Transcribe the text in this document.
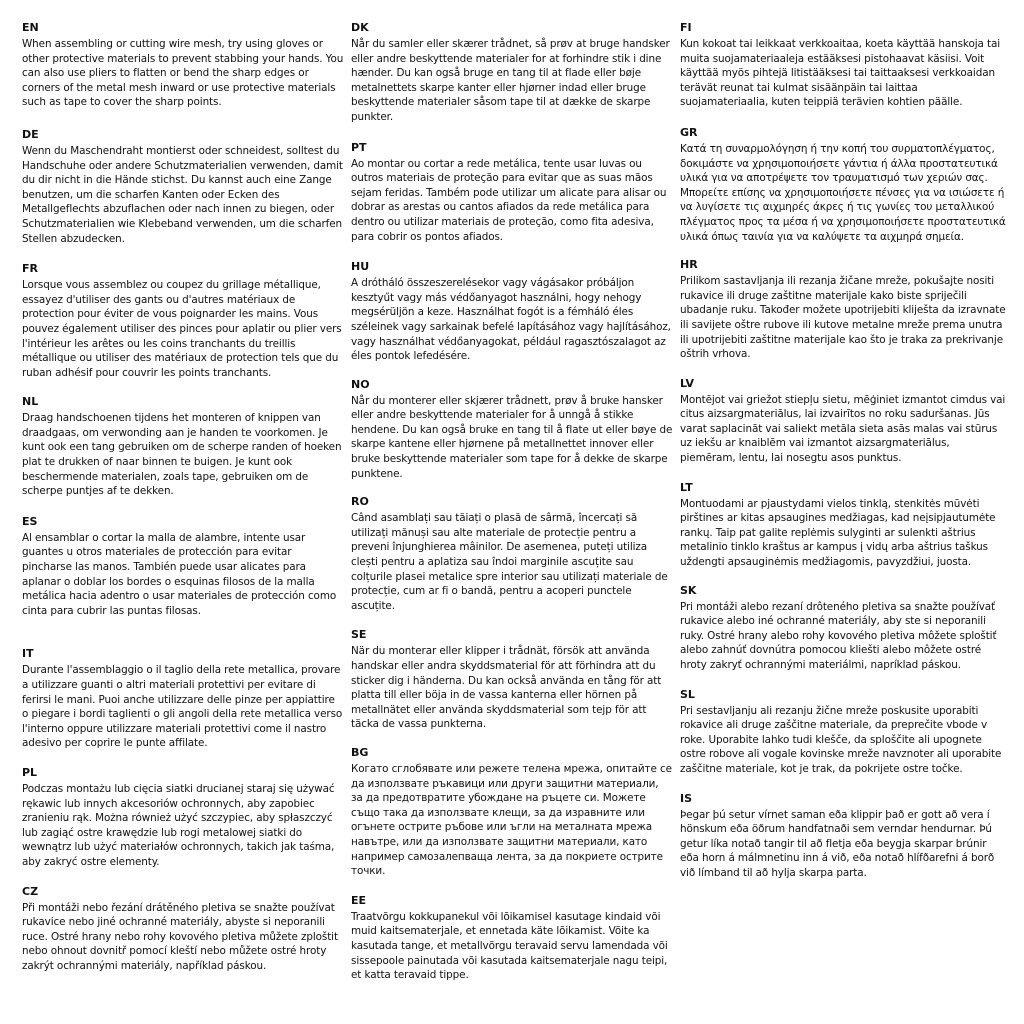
EN

When assembling or cutting wire mesh, try using gloves or other protective materials to prevent stabbing your hands. You can also use pliers to flatten or bend the sharp edges or corners of the metal mesh inward or use protective materials such as tape to cover the sharp points.

DE

Wenn du Maschendraht montierst oder schneidest, solltest du Handschuhe oder andere Schutzmaterialien verwenden, damit du dir nicht in die Hände stichst. Du kannst auch eine Zange benutzen, um die scharfen Kanten oder Ecken des Metallgeflechts abzuflachen oder nach innen zu biegen, oder Schutzmaterialien wie Klebeband verwenden, um die scharfen Stellen abzudecken.

FR

Lorsque vous assemblez ou coupez du grillage métallique, essayez d'utiliser des gants ou d'autres matériaux de protection pour éviter de vous poignarder les mains. Vous pouvez également utiliser des pinces pour aplatir ou plier vers l'intérieur les arêtes ou les coins tranchants du treillis métallique ou utiliser des matériaux de protection tels que du ruban adhésif pour couvrir les points tranchants.

NL

Draag handschoenen tijdens het monteren of knippen van draadgaas, om verwonding aan je handen te voorkomen. Je kunt ook een tang gebruiken om de scherpe randen of hoeken plat te drukken of naar binnen te buigen. Je kunt ook beschermende materialen, zoals tape, gebruiken om de scherpe puntjes af te dekken.

ES

Al ensamblar o cortar la malla de alambre, intente usar guantes u otros materiales de protección para evitar pincharse las manos. También puede usar alicates para aplanar o doblar los bordes o esquinas filosos de la malla metálica hacia adentro o usar materiales de protección como cinta para cubrir las puntas filosas.

IT

Durante l'assemblaggio o il taglio della rete metallica, provare a utilizzare guanti o altri materiali protettivi per evitare di ferirsi le mani. Puoi anche utilizzare delle pinze per appiattire o piegare i bordi taglienti o gli angoli della rete metallica verso l'interno oppure utilizzare materiali protettivi come il nastro adesivo per coprire le punte affilate.

PL

Podczas montażu lub cięcia siatki drucianej staraj się używać rękawic lub innych akcesoriów ochronnych, aby zapobiec zranieniu rąk. Można również użyć szczypiec, aby spłaszczyć lub zagiąć ostre krawędzie lub rogi metalowej siatki do wewnątrz lub użyć materiałów ochronnych, takich jak taśma, aby zakryć ostre elementy.

CZ

Při montáži nebo řezání drátěného pletiva se snažte používat rukavice nebo jiné ochranné materiály, abyste si neporanili ruce. Ostré hrany nebo rohy kovového pletiva můžete zploštit nebo ohnout dovnitř pomocí kleští nebo můžete ostré hroty zakrýt ochrannými materiály, například páskou.

DK

Når du samler eller skærer trådnet, så prøv at bruge handsker eller andre beskyttende materialer for at forhindre stik i dine hænder. Du kan også bruge en tang til at flade eller bøje metalnettets skarpe kanter eller hjørner indad eller bruge beskyttende materialer såsom tape til at dække de skarpe punkter.

PT

Ao montar ou cortar a rede metálica, tente usar luvas ou outros materiais de proteção para evitar que as suas mãos sejam feridas. Também pode utilizar um alicate para alisar ou dobrar as arestas ou cantos afiados da rede metálica para dentro ou utilizar materiais de proteção, como fita adesiva, para cobrir os pontos afiados.

HU

A drótháló összeszerelésekor vagy vágásakor próbáljon kesztyűt vagy más védőanyagot használni, hogy nehogy megsérüljön a keze. Használhat fogót is a fémháló éles széleinek vagy sarkainak befelé lapításához vagy hajlításához, vagy használhat védőanyagokat, például ragasztószalagot az éles pontok lefedésére.

NO

Når du monterer eller skjærer trådnett, prøv å bruke hansker eller andre beskyttende materialer for å unngå å stikke hendene. Du kan også bruke en tang til å flate ut eller bøye de skarpe kantene eller hjørnene på metallnettet innover eller bruke beskyttende materialer som tape for å dekke de skarpe punktene.

RO

Când asamblați sau tăiați o plasă de sârmă, încercați să utilizați mănuși sau alte materiale de protecție pentru a preveni înjunghierea mâinilor. De asemenea, puteți utiliza clești pentru a aplatiza sau îndoi marginile ascuțite sau colțurile plasei metalice spre interior sau utilizați materiale de protecție, cum ar fi o bandă, pentru a acoperi punctele ascuțite.

SE

När du monterar eller klipper i trådnät, försök att använda handskar eller andra skyddsmaterial för att förhindra att du sticker dig i händerna. Du kan också använda en tång för att platta till eller böja in de vassa kanterna eller hörnen på metallnätet eller använda skyddsmaterial som tejp för att täcka de vassa punkterna.

BG

Когато сглобявате или режете телена мрежа, опитайте се да използвате ръкавици или други защитни материали, за да предотвратите убождане на ръцете си. Можете също така да използвате клещи, за да изравните или огънете острите ръбове или ъгли на металната мрежа навътре, или да използвате защитни материали, като например самозалепваща лента, за да покриете острите точки.

EE

Traatvõrgu kokkupanekul või lõikamisel kasutage kindaid või muid kaitsematerjale, et ennetada käte lõikamist. Võite ka kasutada tange, et metallvõrgu teravaid servu lamendada või sissepoole painutada või kasutada kaitsematerjale nagu teipi, et katta teravaid tippe.

FI

Kun kokoat tai leikkaat verkkoaitaa, koeta käyttää hanskoja tai muita suojamateriaaleja estääksesi pistohaavat käsiisi. Voit käyttää myös pihtejä litistääksesi tai taittaaksesi verkkoaidan terävät reunat tai kulmat sisäänpäin tai laittaa suojamateriaalia, kuten teippiä terävien kohtien päälle.

GR

Κατά τη συναρμολόγηση ή την κοπή του συρματοπλέγματος, δοκιμάστε να χρησιμοποιήσετε γάντια ή άλλα προστατευτικά υλικά για να αποτρέψετε τον τραυματισμό των χεριών σας. Μπορείτε επίσης να χρησιμοποιήσετε πένσες για να ισιώσετε ή να λυγίσετε τις αιχμηρές άκρες ή τις γωνίες του μεταλλικού πλέγματος προς τα μέσα ή να χρησιμοποιήσετε προστατευτικά υλικά όπως ταινία για να καλύψετε τα αιχμηρά σημεία.

HR

Prilikom sastavljanja ili rezanja žičane mreže, pokušajte nositi rukavice ili druge zaštitne materijale kako biste spriječili ubadanje ruku. Također možete upotrijebiti kliješta da izravnate ili savijete oštre rubove ili kutove metalne mreže prema unutra ili upotrijebiti zaštitne materijale kao što je traka za prekrivanje oštrih vrhova.

LV

Montējot vai griežot stiepļu sietu, mēģiniet izmantot cimdus vai citus aizsargmateriālus, lai izvairītos no roku saduršanas. Jūs varat saplacināt vai saliekt metāla sieta asās malas vai stūrus uz iekšu ar knaiblēm vai izmantot aizsargmateriālus, piemēram, lentu, lai nosegtu asos punktus.

LT

Montuodami ar pjaustydami vielos tinklą, stenkitės mūvėti pirštines ar kitas apsaugines medžiagas, kad neįsipjautumėte rankų. Taip pat galite replėmis sulyginti ar sulenkti aštrius metalinio tinklo kraštus ar kampus į vidų arba aštrius taškus uždengti apsauginėmis medžiagomis, pavyzdžiui, juosta.

SK

Pri montáži alebo rezaní drôteného pletiva sa snažte používať rukavice alebo iné ochranné materiály, aby ste si neporanili ruky. Ostré hrany alebo rohy kovového pletiva môžete sploštiť alebo zahnúť dovnútra pomocou kliešti alebo môžete ostré hroty zakryť ochrannými materiálmi, napríklad páskou.

SL

Pri sestavljanju ali rezanju žične mreže poskusite uporabiti rokavice ali druge zaščitne materiale, da preprečite vbode v roke. Uporabite lahko tudi klešče, da sploščite ali upognete ostre robove ali vogale kovinske mreže navznoter ali uporabite zaščitne materiale, kot je trak, da pokrijete ostre točke.

IS

Þegar þú setur vírnet saman eða klippir það er gott að vera í hönskum eða öðrum handfatnaði sem verndar hendurnar. Þú getur líka notað tangir til að fletja eða beygja skarpar brúnir eða horn á málmnetinu inn á við, eða notað hlífðarefni á borð við límband til að hylja skarpa parta.
